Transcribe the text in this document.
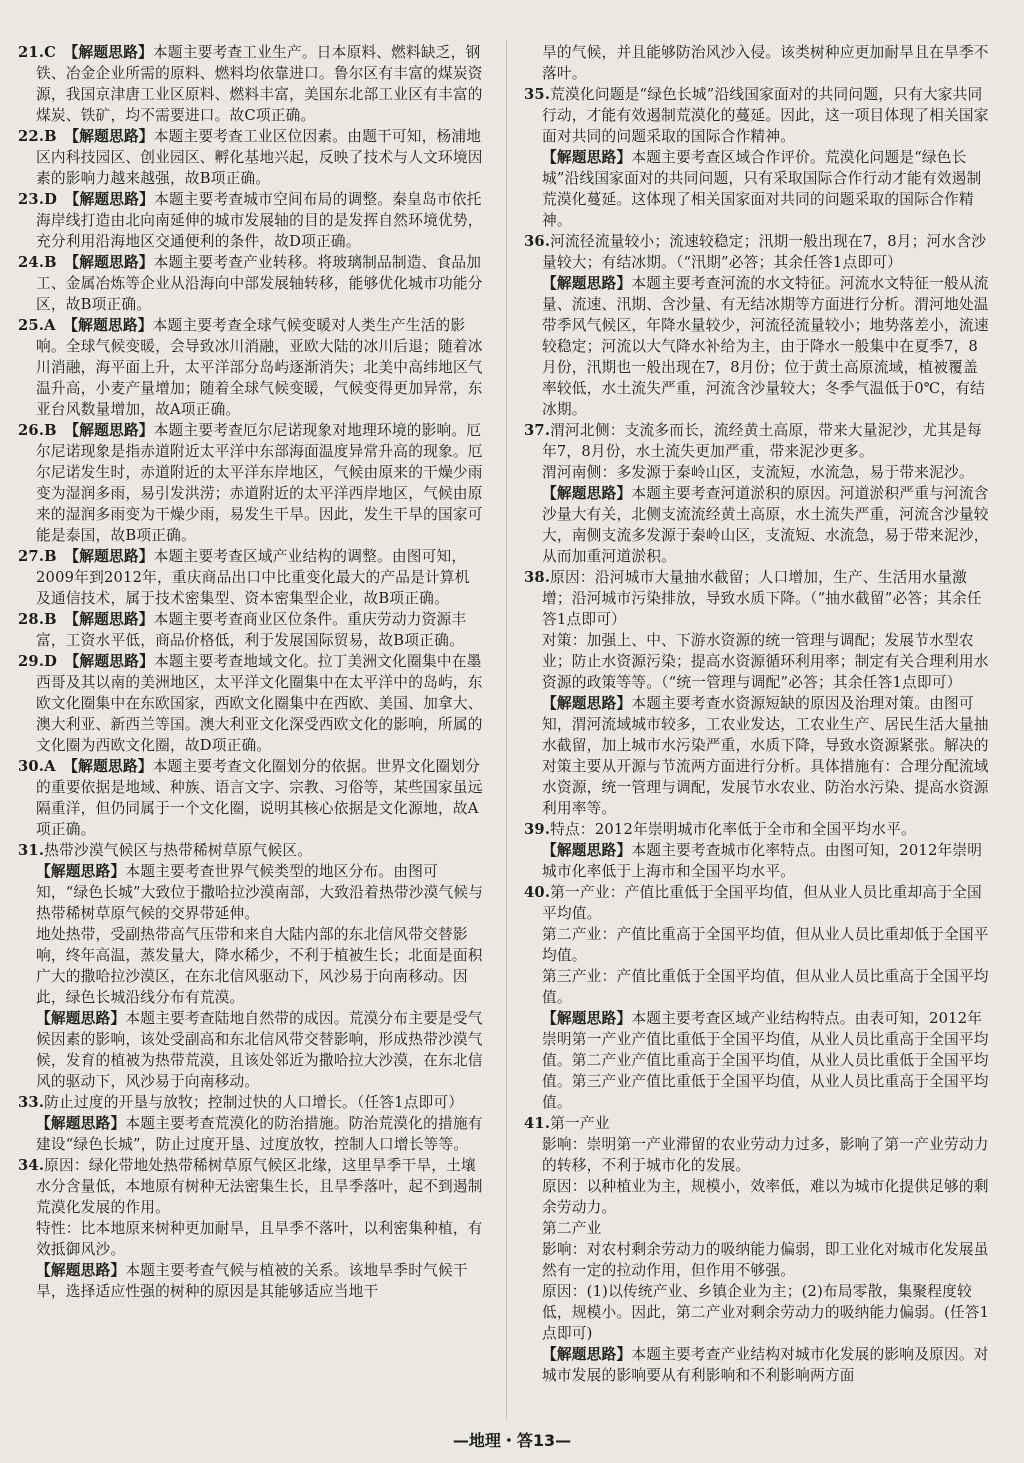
21.C　 【解题思路】本题主要考查工业生产。日本原料、燃料缺乏，钢铁、冶金企业所需的原料、燃料均依靠进口。鲁尔区有丰富的煤炭资源，我国京津唐工业区原料、燃料丰富，美国东北部工业区有丰富的煤炭、铁矿，均不需要进口。故C项正确。
22.B　 【解题思路】本题主要考查工业区位因素。由题干可知，杨浦地区内科技园区、创业园区、孵化基地兴起，反映了技术与人文环境因素的影响力越来越强，故B项正确。
23.D　 【解题思路】本题主要考查城市空间布局的调整。秦皇岛市依托海岸线打造由北向南延伸的城市发展轴的目的是发挥自然环境优势，充分利用沿海地区交通便利的条件，故D项正确。
24.B　 【解题思路】本题主要考查产业转移。将玻璃制品制造、食品加工、金属冶炼等企业从沿海向中部发展轴转移，能够优化城市功能分区，故B项正确。
25.A　 【解题思路】本题主要考查全球气候变暖对人类生产生活的影响。全球气候变暖，会导致冰川消融，亚欧大陆的冰川后退；随着冰川消融，海平面上升，太平洋部分岛屿逐渐消失；北美中高纬地区气温升高，小麦产量增加；随着全球气候变暖，气候变得更加异常，东亚台风数量增加，故A项正确。
26.B　 【解题思路】本题主要考查厄尔尼诺现象对地理环境的影响。厄尔尼诺现象是指赤道附近太平洋中东部海面温度异常升高的现象。厄尔尼诺发生时，赤道附近的太平洋东岸地区，气候由原来的干燥少雨变为湿润多雨，易引发洪涝；赤道附近的太平洋西岸地区，气候由原来的湿润多雨变为干燥少雨，易发生干旱。因此，发生干旱的国家可能是泰国，故B项正确。
27.B　 【解题思路】本题主要考查区域产业结构的调整。由图可知，2009年到2012年，重庆商品出口中比重变化最大的产品是计算机及通信技术，属于技术密集型、资本密集型企业，故B项正确。
28.B　 【解题思路】本题主要考查商业区位条件。重庆劳动力资源丰富，工资水平低，商品价格低，利于发展国际贸易，故B项正确。
29.D　 【解题思路】本题主要考查地域文化。拉丁美洲文化圈集中在墨西哥及其以南的美洲地区，太平洋文化圈集中在太平洋中的岛屿，东欧文化圈集中在东欧国家，西欧文化圈集中在西欧、美国、加拿大、澳大利亚、新西兰等国。澳大利亚文化深受西欧文化的影响，所属的文化圈为西欧文化圈，故D项正确。
30.A　 【解题思路】本题主要考查文化圈划分的依据。世界文化圈划分的重要依据是地域、种族、语言文字、宗教、习俗等，某些国家虽远隔重洋，但仍同属于一个文化圈，说明其核心依据是文化源地，故A项正确。
31.热带沙漠气候区与热带稀树草原气候区。
【解题思路】本题主要考查世界气候类型的地区分布。由图可知，“绿色长城”大致位于撒哈拉沙漠南部，大致沿着热带沙漠气候与热带稀树草原气候的交界带延伸。
地处热带，受副热带高气压带和来自大陆内部的东北信风带交替影响，终年高温，蒸发量大，降水稀少，不利于植被生长；北面是面积广大的撒哈拉沙漠区，在东北信风驱动下，风沙易于向南移动。因此，绿色长城沿线分布有荒漠。
【解题思路】本题主要考查陆地自然带的成因。荒漠分布主要是受气候因素的影响，该处受副高和东北信风带交替影响，形成热带沙漠气候，发育的植被为热带荒漠，且该处邻近为撒哈拉大沙漠，在东北信风的驱动下，风沙易于向南移动。
33.防止过度的开垦与放牧；控制过快的人口增长。（任答1点即可）
【解题思路】本题主要考查荒漠化的防治措施。防治荒漠化的措施有建设“绿色长城”，防止过度开垦、过度放牧，控制人口增长等等。
34.原因：绿化带地处热带稀树草原气候区北缘，这里旱季干旱，土壤水分含量低，本地原有树种无法密集生长，且旱季落叶，起不到遏制荒漠化发展的作用。
特性：比本地原来树种更加耐旱，且旱季不落叶，以利密集种植，有效抵御风沙。
【解题思路】本题主要考查气候与植被的关系。该地旱季时气候干旱，选择适应性强的树种的原因是其能够适应当地干
旱的气候，并且能够防治风沙入侵。该类树种应更加耐旱且在旱季不落叶。
35.荒漠化问题是“绿色长城”沿线国家面对的共同问题，只有大家共同行动，才能有效遏制荒漠化的蔓延。因此，这一项目体现了相关国家面对共同的问题采取的国际合作精神。
【解题思路】本题主要考查区域合作评价。荒漠化问题是“绿色长城”沿线国家面对的共同问题，只有采取国际合作行动才能有效遏制荒漠化蔓延。这体现了相关国家面对共同的问题采取的国际合作精神。
36.河流径流量较小；流速较稳定；汛期一般出现在7，8月；河水含沙量较大；有结冰期。（“汛期”必答；其余任答1点即可）
【解题思路】本题主要考查河流的水文特征。河流水文特征一般从流量、流速、汛期、含沙量、有无结冰期等方面进行分析。渭河地处温带季风气候区，年降水量较少，河流径流量较小；地势落差小，流速较稳定；河流以大气降水补给为主，由于降水一般集中在夏季7，8月份，汛期也一般出现在7，8月份；位于黄土高原流域，植被覆盖率较低，水土流失严重，河流含沙量较大；冬季气温低于0℃，有结冰期。
37.渭河北侧：支流多而长，流经黄土高原，带来大量泥沙，尤其是每年7，8月份，水土流失更加严重，带来泥沙更多。
渭河南侧：多发源于秦岭山区，支流短，水流急，易于带来泥沙。
【解题思路】本题主要考查河道淤积的原因。河道淤积严重与河流含沙量大有关，北侧支流流经黄土高原，水土流失严重，河流含沙量较大，南侧支流多发源于秦岭山区，支流短、水流急，易于带来泥沙，从而加重河道淤积。
38.原因：沿河城市大量抽水截留；人口增加，生产、生活用水量激增；沿河城市污染排放，导致水质下降。（“抽水截留”必答；其余任答1点即可）
对策：加强上、中、下游水资源的统一管理与调配；发展节水型农业；防止水资源污染；提高水资源循环利用率；制定有关合理利用水资源的政策等等。（“统一管理与调配”必答；其余任答1点即可）
【解题思路】本题主要考查水资源短缺的原因及治理对策。由图可知，渭河流域城市较多，工农业发达，工农业生产、居民生活大量抽水截留，加上城市水污染严重，水质下降，导致水资源紧张。解决的对策主要从开源与节流两方面进行分析。具体措施有：合理分配流域水资源，统一管理与调配，发展节水农业、防治水污染、提高水资源利用率等。
39.特点：2012年崇明城市化率低于全市和全国平均水平。
【解题思路】本题主要考查城市化率特点。由图可知，2012年崇明城市化率低于上海市和全国平均水平。
40.第一产业：产值比重低于全国平均值，但从业人员比重却高于全国平均值。
第二产业：产值比重高于全国平均值，但从业人员比重却低于全国平均值。
第三产业：产值比重低于全国平均值，但从业人员比重高于全国平均值。
【解题思路】本题主要考查区域产业结构特点。由表可知，2012年崇明第一产业产值比重低于全国平均值，从业人员比重高于全国平均值。第二产业产值比重高于全国平均值，从业人员比重低于全国平均值。第三产业产值比重低于全国平均值，从业人员比重高于全国平均值。
41.第一产业
影响：崇明第一产业滞留的农业劳动力过多，影响了第一产业劳动力的转移，不利于城市化的发展。
原因：以种植业为主，规模小，效率低，难以为城市化提供足够的剩余劳动力。
第二产业
影响：对农村剩余劳动力的吸纳能力偏弱，即工业化对城市化发展虽然有一定的拉动作用，但作用不够强。
原因：(1)以传统产业、乡镇企业为主；(2)布局零散，集聚程度较低，规模小。因此，第二产业对剩余劳动力的吸纳能力偏弱。(任答1点即可)
【解题思路】本题主要考查产业结构对城市化发展的影响及原因。对城市发展的影响要从有利影响和不利影响两方面
—地理・答13—
